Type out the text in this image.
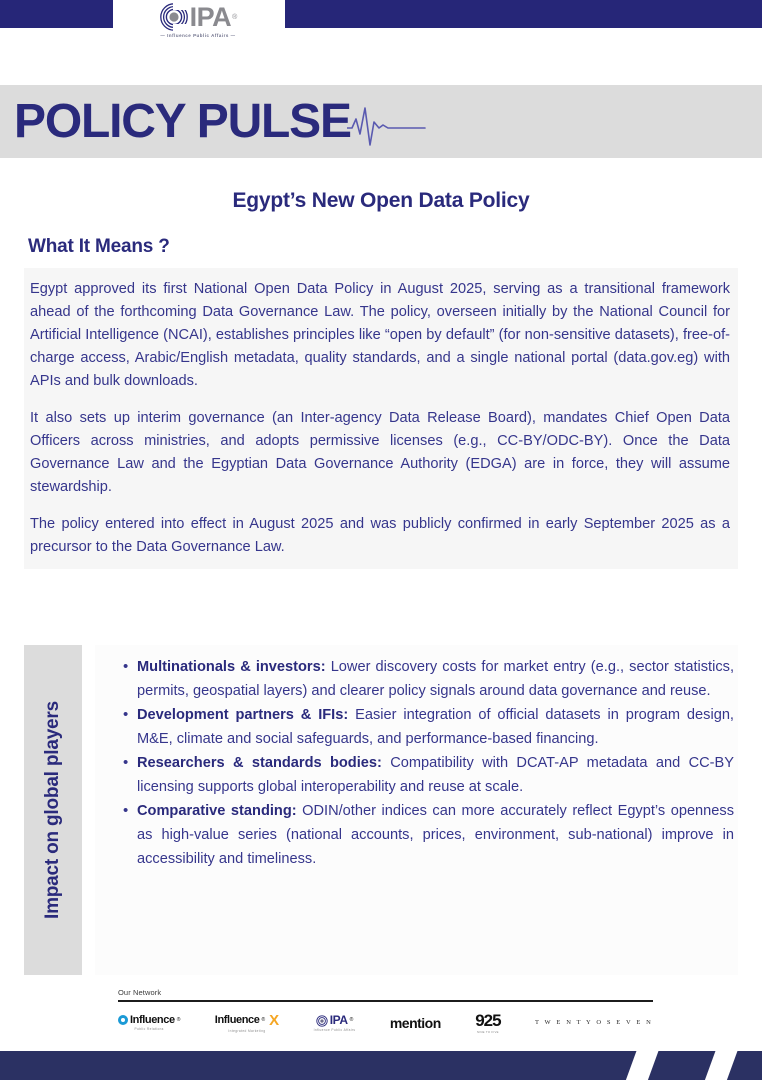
IPA ®
— Influence Public Affairs —
POLICY PULSE
Egypt’s New Open Data Policy
What It Means ?

Egypt approved its first National Open Data Policy in August 2025, serving as a transitional framework ahead of the forthcoming Data Governance Law. The policy, overseen initially by the National Council for Artificial Intelligence (NCAI), establishes principles like “open by default” (for non-sensitive datasets), free-of-charge access, Arabic/English metadata, quality standards, and a single national portal (data.gov.eg) with APIs and bulk downloads.

It also sets up interim governance (an Inter-agency Data Release Board), mandates Chief Open Data Officers across ministries, and adopts permissive licenses (e.g., CC-BY/ODC-BY). Once the Data Governance Law and the Egyptian Data Governance Authority (EDGA) are in force, they will assume stewardship.

The policy entered into effect in August 2025 and was publicly confirmed in early September 2025 as a precursor to the Data Governance Law.

Impact on global players
• Multinationals & investors: Lower discovery costs for market entry (e.g., sector statistics, permits, geospatial layers) and clearer policy signals around data governance and reuse.
• Development partners & IFIs: Easier integration of official datasets in program design, M&E, climate and social safeguards, and performance-based financing.
• Researchers & standards bodies: Compatibility with DCAT-AP metadata and CC-BY licensing supports global interoperability and reuse at scale.
• Comparative standing: ODIN/other indices can more accurately reflect Egypt’s openness as high-value series (national accounts, prices, environment, sub-national) improve in accessibility and timeliness.
Our Network
Influence ®
Public Relations
Influence ® X
Integrated Marketing
IPA ®
Influence Public Affairs mention 925
NINE TO FIVE
T W E N T Y O S E V E N
